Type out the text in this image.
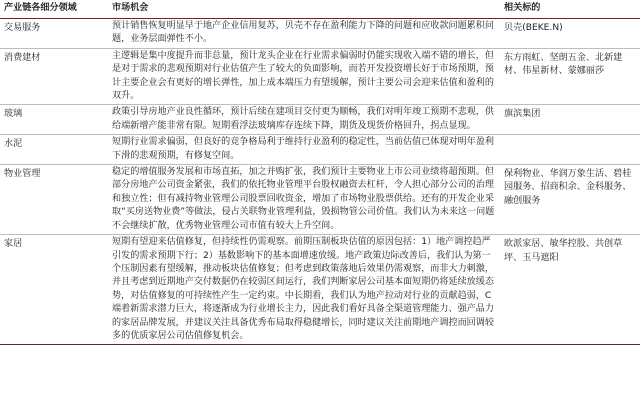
产业链各细分领域	市场机会	相关标的
交易服务	预计销售恢复明显早于地产企业信用复苏，贝壳不存在盈利能力下降的问题和应收款问题累积问题，业务层面弹性不小。	贝壳(BEKE.N)
消费建材	主逻辑是集中度提升而非总量，预计龙头企业在行业需求偏弱时仍能实现收入端不错的增长，但是对于需求的悲观预期对行业估值产生了较大的负面影响，而若开发投资增长好于市场预期，预计主要企业会有更好的增长弹性，加上成本端压力有望缓解，预计主要公司会迎来估值和盈利的双升。	东方雨虹、坚朗五金、北新建材、伟星新材、蒙娜丽莎
玻璃	政策引导房地产业良性循环，预计后续在建项目交付更为顺畅，我们对明年竣工预期不悲观，供给端新增产能非常有限。短期看浮法玻璃库存连续下降，期货及现货价格回升，拐点显现。	旗滨集团
水泥	短期行业需求偏弱，但良好的竞争格局利于维持行业盈利的稳定性，当前估值已体现对明年盈利下滑的悲观预期，有修复空间。	
物业管理	稳定的增值服务发展和市场直拓，加之并购扩张，我们预计主要物业上市公司业绩将超预期。但部分房地产公司资金紧张，我们的依托物业管理平台股权融资去杠杆，令人担心部分公司的治理和独立性；但有减持物业管理公司股票回收资金，增加了市场物业股票供给。还有的开发企业采取“买房送物业费”等做法，侵占关联物业管理利益，毁损物管公司价值。我们认为未来这一问题不会继续扩散，优秀物业管理公司市值有较大上升空间。	保利物业、华润万象生活、碧桂园服务、招商积余、金科服务、融创服务
家居	短期有望迎来估值修复，但持续性仍需观察。前期压制板块估值的原因包括：1）地产调控趋严引发的需求预期下行；2）基数影响下的基本面增速放缓。地产政策边际改善后，我们认为第一个压制因素有望缓解，推动板块估值修复；但考虑到政策落地后效果仍需观察，而非大力刺激，并且考虑到近期地产交付数据仍在较弱区间运行，我们判断家居公司基本面短期仍将延续放缓态势，对估值修复的可持续性产生一定约束。中长期看，我们认为地产拉动对行业的贡献趋弱，C 端着新需求潜力巨大，将逐渐成为行业增长主力，因此我们看好具备全渠道管理能力、强产品力的家居品牌发展，并建议关注具备优秀布局取得稳健增长，同时建议关注前期地产调控而回调较多的优质家居公司估值修复机会。	欧派家居、敏华控股、共创草坪、玉马遮阳
